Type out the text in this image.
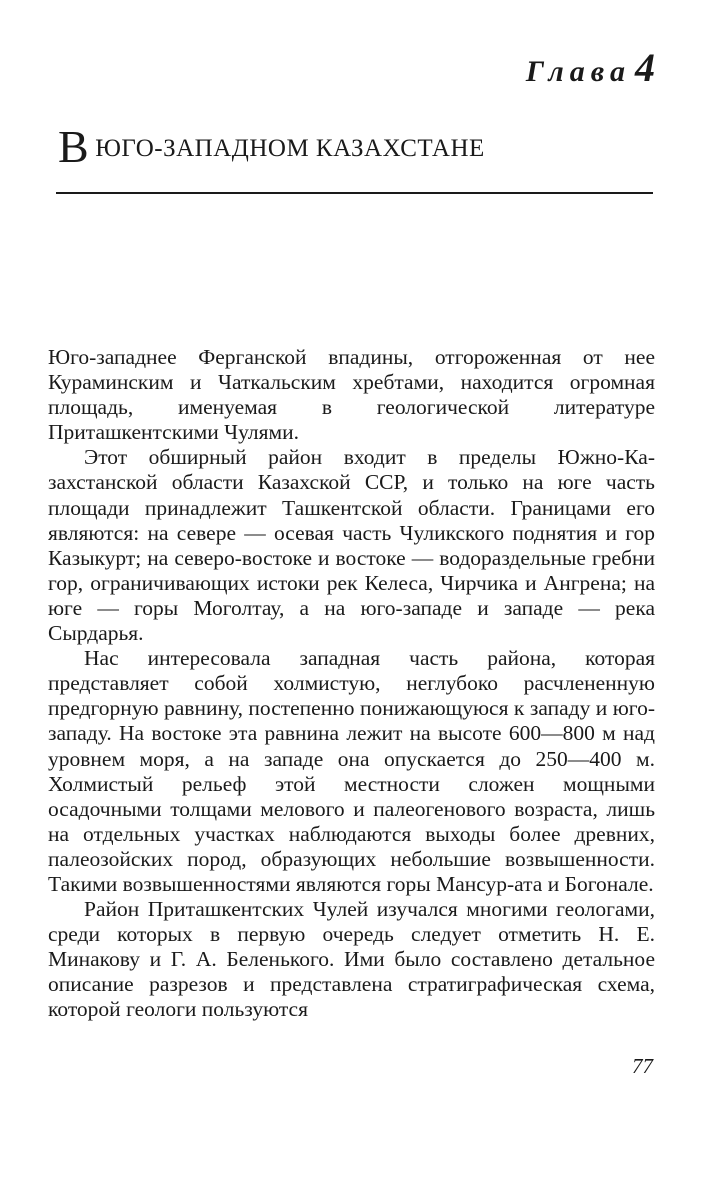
Глава 4
ВЮГО-ЗАПАДНОМ КАЗАХСТАНЕ

Юго-западнее Ферганской впадины, отгороженная от нее Кураминским и Чаткальским хребтами, находится огромная площадь, именуемая в геологической литературе Приташкентскими Чулями.

Этот обширный район входит в пределы Южно-Казахстанской области Казахской ССР, и только на юге часть площади принадлежит Ташкентской области. Границами его являются: на севере — осевая часть Чуликского поднятия и гор Казыкурт; на северо-востоке и востоке — водораздельные гребни гор, ограничивающих истоки рек Келеса, Чирчика и Ангрена; на юге — горы Моголтау, а на юго-западе и западе — река Сырдарья.

Нас интересовала западная часть района, которая представляет собой холмистую, неглубоко расчлененную предгорную равнину, постепенно понижающуюся к западу и юго-западу. На востоке эта равнина лежит на высоте 600—800 м над уровнем моря, а на западе она опускается до 250—400 м. Холмистый рельеф этой местности сложен мощными осадочными толщами мелового и палеогенового возраста, лишь на отдельных участках наблюдаются выходы более древних, палеозойских пород, образующих небольшие возвышенности. Такими возвышенностями являются горы Мансур-ата и Богонале.

Район Приташкентских Чулей изучался многими геологами, среди которых в первую очередь следует отметить Н. Е. Минакову и Г. А. Беленького. Ими было составлено детальное описание разрезов и представлена стратиграфическая схема, которой геологи пользуются

77
